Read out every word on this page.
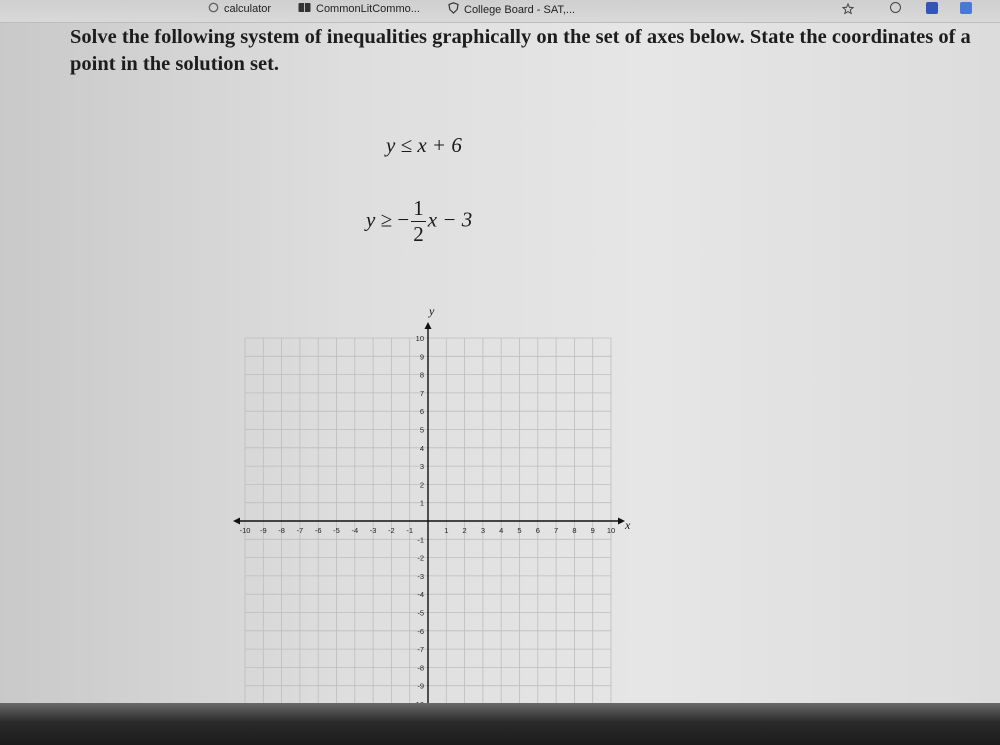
calculator	CommonLitCommo...	College Board - SAT,...
Solve the following system of inequalities graphically on the set of axes below. State the coordinates of a point in the solution set.
y ≤ x + 6
y ≥ − $\frac{1}{2}$ x − 3
-10 -9 -8 -7 -6 -5 -4 -3 -2 -1	1 2 3 4 5 6 7 8 9 10
10
9
8
7
6
5
4
3
2
1
-1
-2
-3
-4
-5
-6
-7
-8
-9
x
y
